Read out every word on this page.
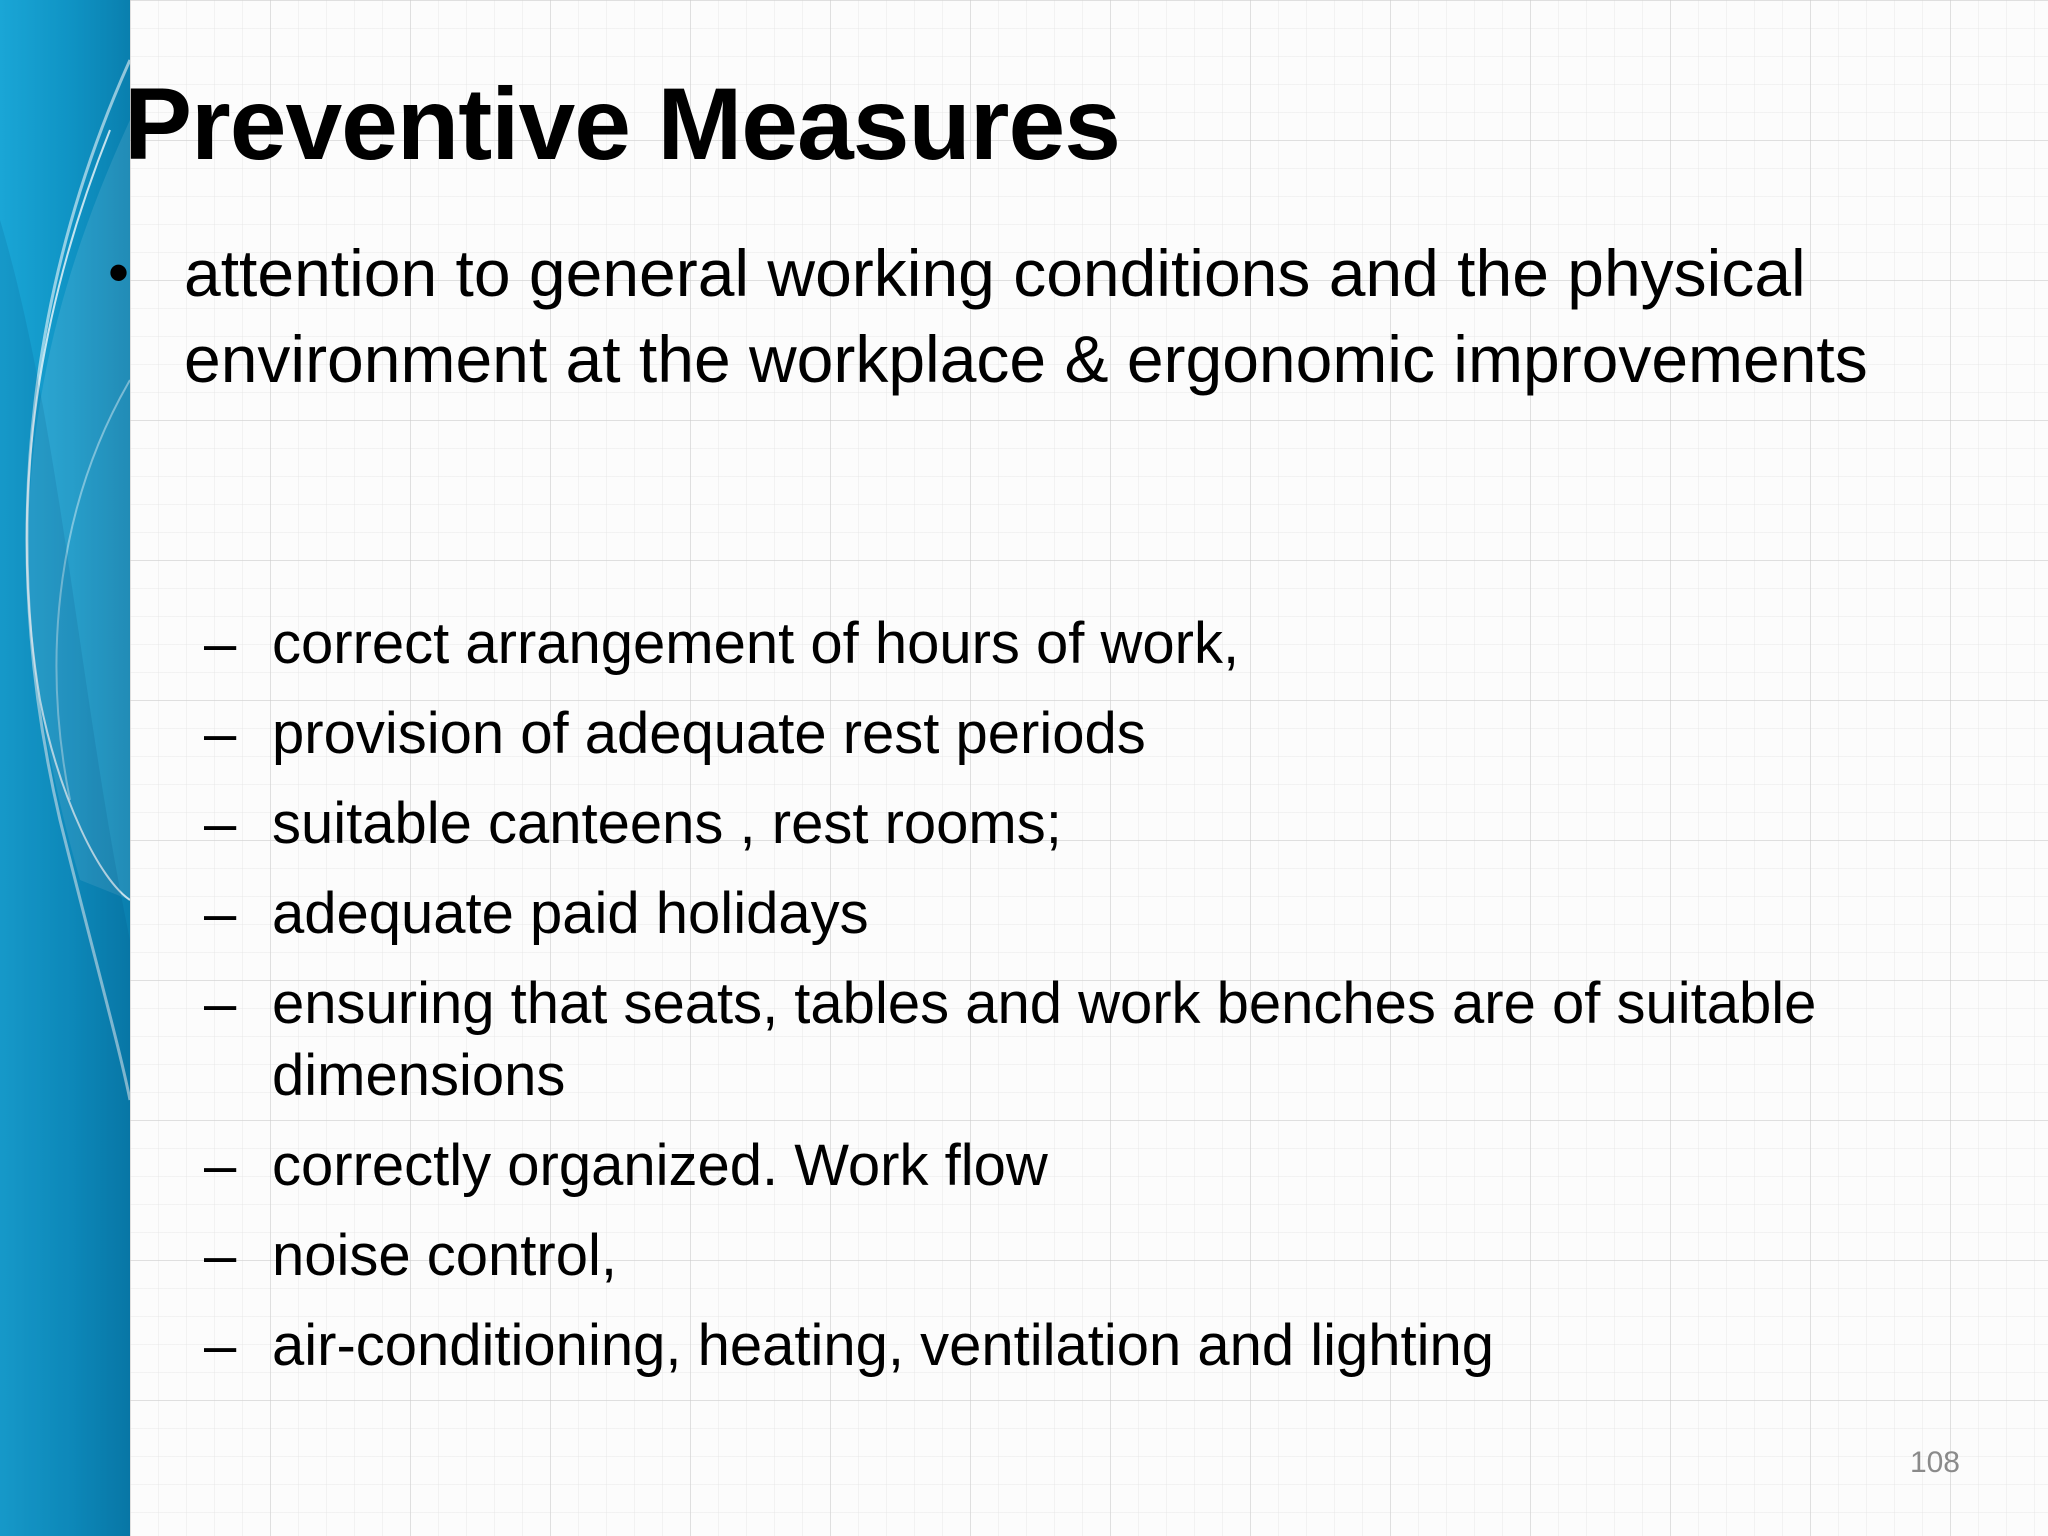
Preventive Measures
• attention to general working conditions and the physical environment at the workplace & ergonomic improvements
– correct arrangement of hours of work,
– provision of adequate rest periods
– suitable canteens , rest rooms;
– adequate paid holidays
– ensuring that seats, tables and work benches are of suitable dimensions
– correctly organized. Work flow
– noise control,
– air-conditioning, heating, ventilation and lighting
108
